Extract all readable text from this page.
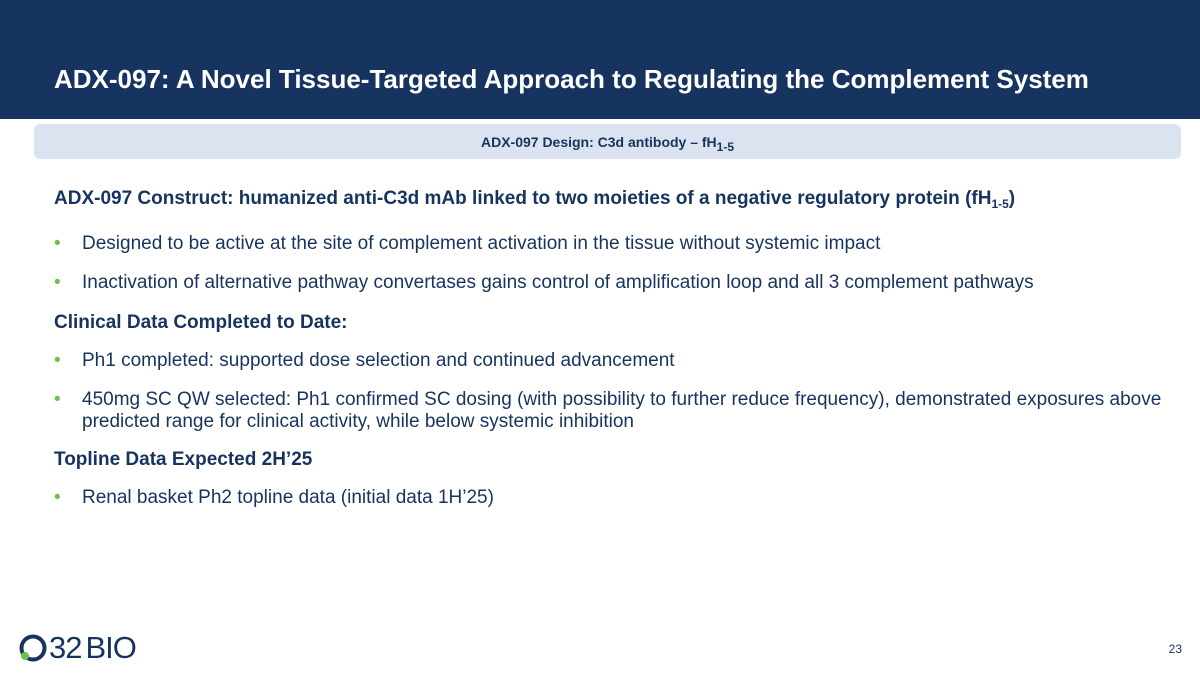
ADX-097: A Novel Tissue-Targeted Approach to Regulating the Complement System
ADX-097 Design: C3d antibody – $fH_{1-5}$
ADX-097 Construct: humanized anti-C3d mAb linked to two moieties of a negative regulatory protein $(fH_{1-5})$
• Designed to be active at the site of complement activation in the tissue without systemic impact
• Inactivation of alternative pathway convertases gains control of amplification loop and all 3 complement pathways
Clinical Data Completed to Date:
• Ph1 completed: supported dose selection and continued advancement
• 450mg SC QW selected: Ph1 confirmed SC dosing (with possibility to further reduce frequency), demonstrated exposures above predicted range for clinical activity, while below systemic inhibition
Topline Data Expected 2H’25
• Renal basket Ph2 topline data (initial data 1H’25)
32 BIO	23
